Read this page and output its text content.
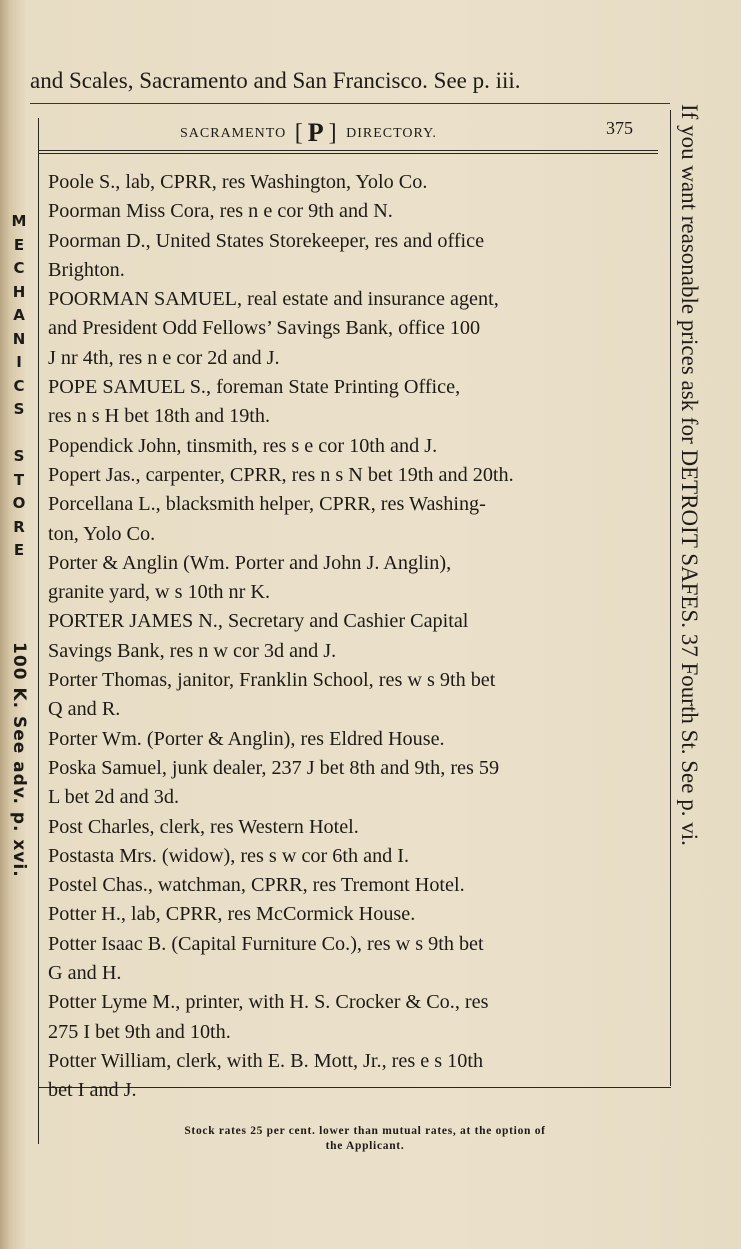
and Scales, Sacramento and San Francisco. See p. iii.
SACRAMENTO [ P ] DIRECTORY.	375
Poole S., lab, CPRR, res Washington, Yolo Co.
Poorman Miss Cora, res n e cor 9th and N.
Poorman D., United States Storekeeper, res and office
Brighton.
POORMAN SAMUEL, real estate and insurance agent,
and President Odd Fellows’ Savings Bank, office 100
J nr 4th, res n e cor 2d and J.
POPE SAMUEL S., foreman State Printing Office,
res n s H bet 18th and 19th.
Popendick John, tinsmith, res s e cor 10th and J.
Popert Jas., carpenter, CPRR, res n s N bet 19th and 20th.
Porcellana L., blacksmith helper, CPRR, res Washing-
ton, Yolo Co.
Porter & Anglin (Wm. Porter and John J. Anglin),
granite yard, w s 10th nr K.
PORTER JAMES N., Secretary and Cashier Capital
Savings Bank, res n w cor 3d and J.
Porter Thomas, janitor, Franklin School, res w s 9th bet
Q and R.
Porter Wm. (Porter & Anglin), res Eldred House.
Poska Samuel, junk dealer, 237 J bet 8th and 9th, res 59
L bet 2d and 3d.
Post Charles, clerk, res Western Hotel.
Postasta Mrs. (widow), res s w cor 6th and I.
Postel Chas., watchman, CPRR, res Tremont Hotel.
Potter H., lab, CPRR, res McCormick House.
Potter Isaac B. (Capital Furniture Co.), res w s 9th bet
G and H.
Potter Lyme M., printer, with H. S. Crocker & Co., res
275 I bet 9th and 10th.
Potter William, clerk, with E. B. Mott, Jr., res e s 10th
bet I and J.
Stock rates 25 per cent. lower than mutual rates, at the option of
the Applicant.
M
E
C
H
A
N
I
C
S

S
T
O
R
E
100 K. See adv. p. xvi.	If you want reasonable prices ask for DETROIT SAFES. 37 Fourth St. See p. vi.
